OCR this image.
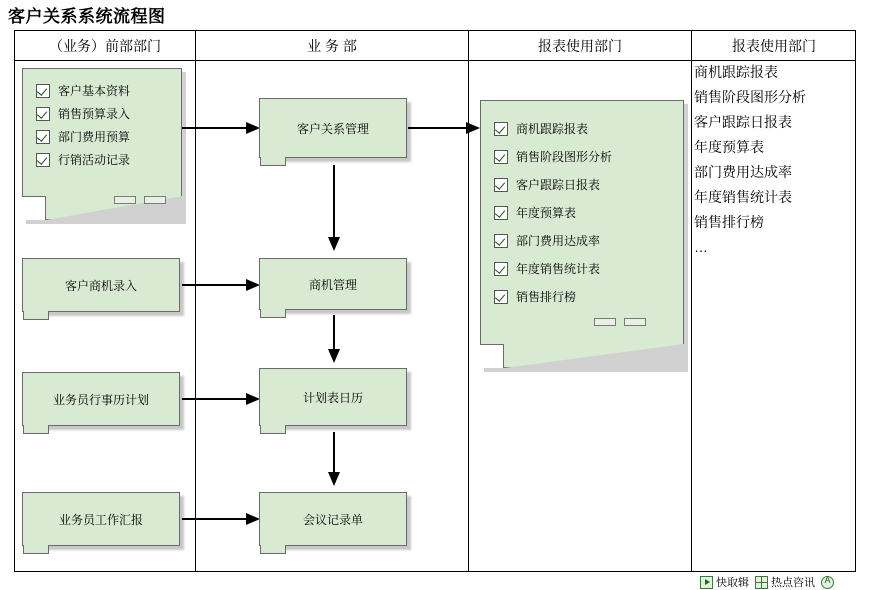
客户关系系统流程图
（业务）前部部门	业 务 部	报表使用部门	报表使用部门
客户基本资料
销售预算录入
部门费用预算
行销活动记录
客户商机录入
业务员行事历计划
业务员工作汇报
客户关系管理
商机管理
计划表日历
会议记录单
商机跟踪报表
销售阶段图形分析
客户跟踪日报表
年度预算表
部门费用达成率
年度销售统计表
销售排行榜
商机跟踪报表
销售阶段图形分析
客户跟踪日报表
年度预算表
部门费用达成率
年度销售统计表
销售排行榜
…
快取辑 热点咨讯
A
